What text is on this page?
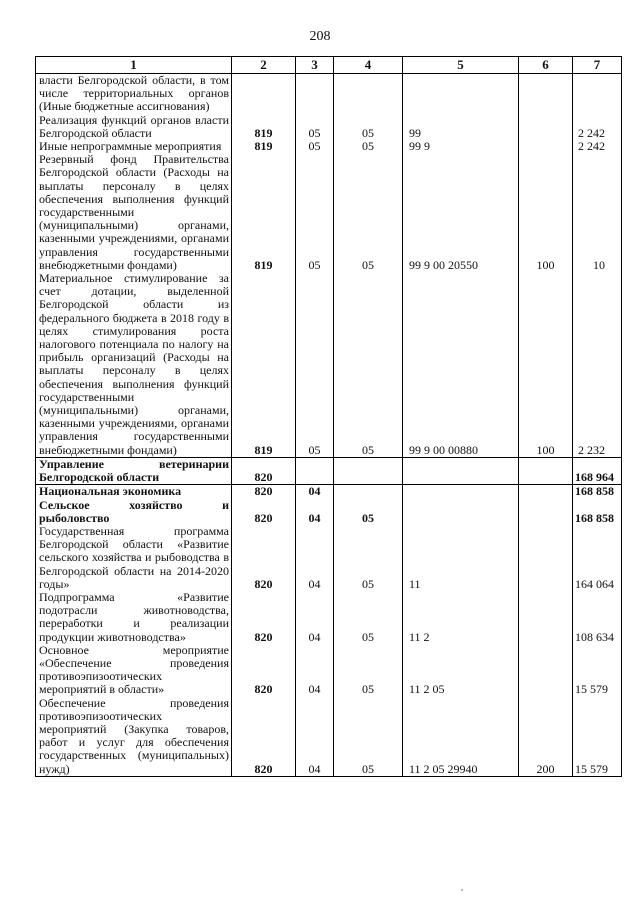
208
1	2	3	4	5	6	7
власти Белгородской области, в том числе территориальных органов (Иные бюджетные ассигнования)						
Реализация функций органов власти Белгородской области	819	05	05	99		2 242
Иные непрограммные мероприятия	819	05	05	99 9		2 242
Резервный фонд Правительства Белгородской области (Расходы на выплаты персоналу в целях обеспечения выполнения функций государственными (муниципальными) органами, казенными учреждениями, органами управления государственными внебюджетными фондами)	819	05	05	99 9 00 20550	100	10
Материальное стимулирование за счет дотации, выделенной Белгородской области из федерального бюджета в 2018 году в целях стимулирования роста налогового потенциала по налогу на прибыль организаций (Расходы на выплаты персоналу в целях обеспечения выполнения функций государственными (муниципальными) органами, казенными учреждениями, органами управления государственными внебюджетными фондами)	819	05	05	99 9 00 00880	100	2 232
Управление ветеринарии Белгородской области	820					168 964
Национальная экономика	820	04				168 858
Сельское хозяйство и рыболовство	820	04	05			168 858
Государственная программа Белгородской области «Развитие сельского хозяйства и рыбоводства в Белгородской области на 2014-2020 годы»	820	04	05	11		164 064
Подпрограмма «Развитие подотрасли животноводства, переработки и реализации продукции животноводства»	820	04	05	11 2		108 634
Основное мероприятие «Обеспечение проведения противоэпизоотических мероприятий в области»	820	04	05	11 2 05		15 579
Обеспечение проведения противоэпизоотических мероприятий (Закупка товаров, работ и услуг для обеспечения государственных (муниципальных) нужд)	820	04	05	11 2 05 29940	200	15 579
